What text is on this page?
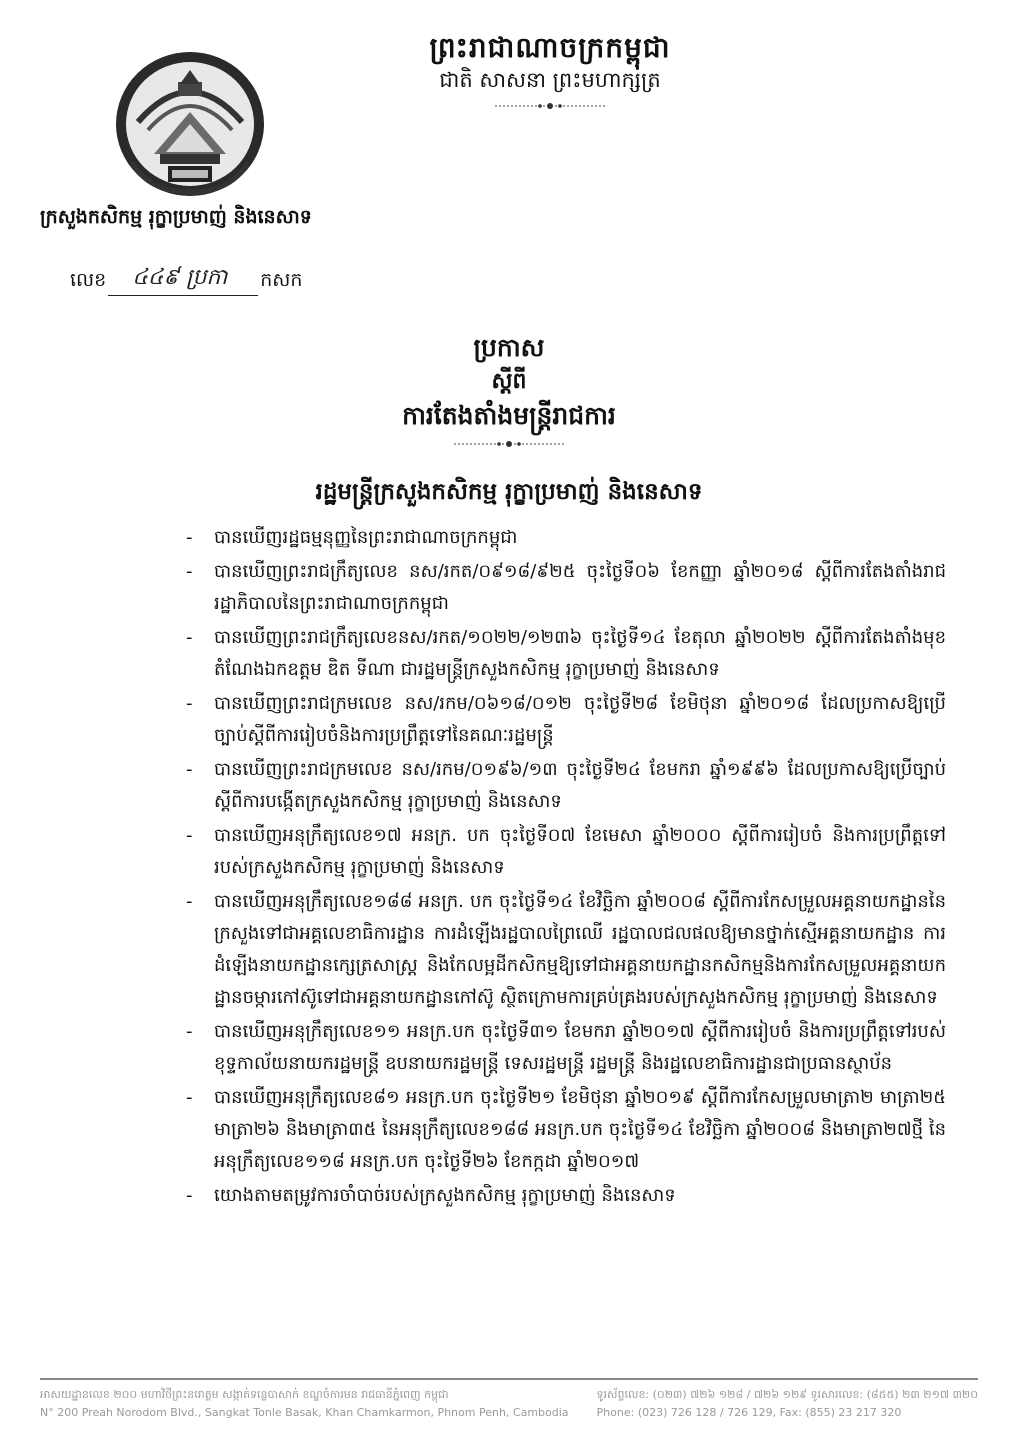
ព្រះរាជាណាចក្រកម្ពុជា
ជាតិ សាសនា ព្រះមហាក្សត្រ
ក្រសួងកសិកម្ម រុក្ខាប្រមាញ់ និងនេសាទ
លេខ ៤៤៩ ប្រកា កសក
ប្រកាស
ស្តីពី
ការតែងតាំងមន្ត្រីរាជការ
រដ្ឋមន្ត្រីក្រសួងកសិកម្ម រុក្ខាប្រមាញ់ និងនេសាទ
- បានឃើញរដ្ឋធម្មនុញ្ញនៃព្រះរាជាណាចក្រកម្ពុជា
- បានឃើញព្រះរាជក្រឹត្យលេខ នស/រកត/០៩១៨/៩២៥ ចុះថ្ងៃទី០៦ ខែកញ្ញា ឆ្នាំ២០១៨ ស្តីពីការតែងតាំងរាជរដ្ឋាភិបាលនៃព្រះរាជាណាចក្រកម្ពុជា
- បានឃើញព្រះរាជក្រឹត្យលេខនស/រកត/១០២២/១២៣៦ ចុះថ្ងៃទី១៤ ខែតុលា ឆ្នាំ២០២២ ស្តីពីការតែងតាំងមុខតំណែងឯកឧត្តម ឌិត ទីណា ជារដ្ឋមន្ត្រីក្រសួងកសិកម្ម រុក្ខាប្រមាញ់ និងនេសាទ
- បានឃើញព្រះរាជក្រមលេខ នស/រកម/០៦១៨/០១២ ចុះថ្ងៃទី២៨ ខែមិថុនា ឆ្នាំ២០១៨ ដែលប្រកាសឱ្យប្រើច្បាប់ស្តីពីការរៀបចំនិងការប្រព្រឹត្តទៅនៃគណៈរដ្ឋមន្ត្រី
- បានឃើញព្រះរាជក្រមលេខ នស/រកម/០១៩៦/១៣ ចុះថ្ងៃទី២៤ ខែមករា ឆ្នាំ១៩៩៦ ដែលប្រកាសឱ្យប្រើច្បាប់ស្តីពីការបង្កើតក្រសួងកសិកម្ម រុក្ខាប្រមាញ់ និងនេសាទ
- បានឃើញអនុក្រឹត្យលេខ១៧ អនក្រ. បក ចុះថ្ងៃទី០៧ ខែមេសា ឆ្នាំ២០០០ ស្តីពីការរៀបចំ និងការប្រព្រឹត្តទៅរបស់ក្រសួងកសិកម្ម រុក្ខាប្រមាញ់ និងនេសាទ
- បានឃើញអនុក្រឹត្យលេខ១៨៨ អនក្រ. បក ចុះថ្ងៃទី១៤ ខែវិច្ឆិកា ឆ្នាំ២០០៨ ស្តីពីការកែសម្រួលអគ្គនាយកដ្ឋាននៃក្រសួងទៅជាអគ្គលេខាធិការដ្ឋាន ការដំឡើងរដ្ឋបាលព្រៃឈើ រដ្ឋបាលជលផលឱ្យមានថ្នាក់ស្មើអគ្គនាយកដ្ឋាន ការដំឡើងនាយកដ្ឋានក្សេត្រសាស្ត្រ និងកែលម្អដីកសិកម្មឱ្យទៅជាអគ្គនាយកដ្ឋានកសិកម្មនិងការកែសម្រួលអគ្គនាយកដ្ឋានចម្ការកៅស៊ូទៅជាអគ្គនាយកដ្ឋានកៅស៊ូ ស្ថិតក្រោមការគ្រប់គ្រងរបស់ក្រសួងកសិកម្ម រុក្ខាប្រមាញ់ និងនេសាទ
- បានឃើញអនុក្រឹត្យលេខ១១ អនក្រ.បក ចុះថ្ងៃទី៣១ ខែមករា ឆ្នាំ២០១៧ ស្តីពីការរៀបចំ និងការប្រព្រឹត្តទៅរបស់ខុទ្ទកាល័យនាយករដ្ឋមន្ត្រី ឧបនាយករដ្ឋមន្ត្រី ទេសរដ្ឋមន្ត្រី រដ្ឋមន្ត្រី និងរដ្ឋលេខាធិការដ្ឋានជាប្រធានស្ថាប័ន
- បានឃើញអនុក្រឹត្យលេខ៨១ អនក្រ.បក ចុះថ្ងៃទី២១ ខែមិថុនា ឆ្នាំ២០១៩ ស្តីពីការកែសម្រួលមាត្រា២ មាត្រា២៥ មាត្រា២៦ និងមាត្រា៣៥ នៃអនុក្រឹត្យលេខ១៨៨ អនក្រ.បក ចុះថ្ងៃទី១៤ ខែវិច្ឆិកា ឆ្នាំ២០០៨ និងមាត្រា២៧ថ្មី នៃអនុក្រឹត្យលេខ១១៨ អនក្រ.បក ចុះថ្ងៃទី២៦ ខែកក្កដា ឆ្នាំ២០១៧
- យោងតាមតម្រូវការចាំបាច់របស់ក្រសួងកសិកម្ម រុក្ខាប្រមាញ់ និងនេសាទ
អាសយដ្ឋានលេខ ២០០ មហាវិថីព្រះនរោត្តម សង្កាត់ទន្លេបាសាក់ ខណ្ឌចំការមន រាជធានីភ្នំពេញ កម្ពុជា
N° 200 Preah Norodom Blvd., Sangkat Tonle Basak, Khan Chamkarmon, Phnom Penh, Cambodia
ទូរស័ព្ទលេខ: (០២៣) ៧២៦ ១២៨ / ៧២៦ ១២៩ ទូរសារលេខ: (៨៥៥) ២៣ ២១៧ ៣២០
Phone: (023) 726 128 / 726 129, Fax: (855) 23 217 320
